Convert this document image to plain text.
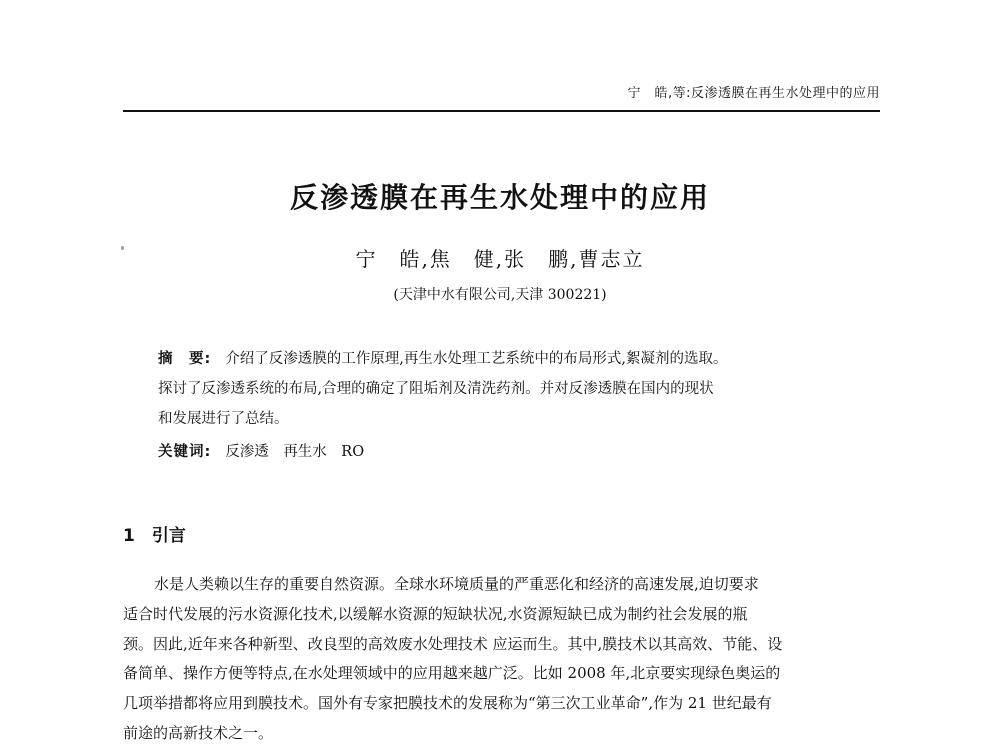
宁　皓,等:反渗透膜在再生水处理中的应用
反渗透膜在再生水处理中的应用
宁　皓,焦　健,张　鹏,曹志立
(天津中水有限公司,天津 300221)
摘　要: 介绍了反渗透膜的工作原理,再生水处理工艺系统中的布局形式,絮凝剂的选取。
探讨了反渗透系统的布局,合理的确定了阻垢剂及清洗药剂。并对反渗透膜在国内的现状
和发展进行了总结。
关键词: 反渗透　再生水　RO
1　 引言
水是人类赖以生存的重要自然资源。全球水环境质量的严重恶化和经济的高速发展,迫切要求
适合时代发展的污水资源化技术,以缓解水资源的短缺状况,水资源短缺已成为制约社会发展的瓶
颈。因此,近年来各种新型、改良型的高效废水处理技术 应运而生。其中,膜技术以其高效、节能、设
备简单、操作方便等特点,在水处理领域中的应用越来越广泛。比如 2008 年,北京要实现绿色奥运的
几项举措都将应用到膜技术。国外有专家把膜技术的发展称为“第三次工业革命”,作为 21 世纪最有
前途的高新技术之一。
